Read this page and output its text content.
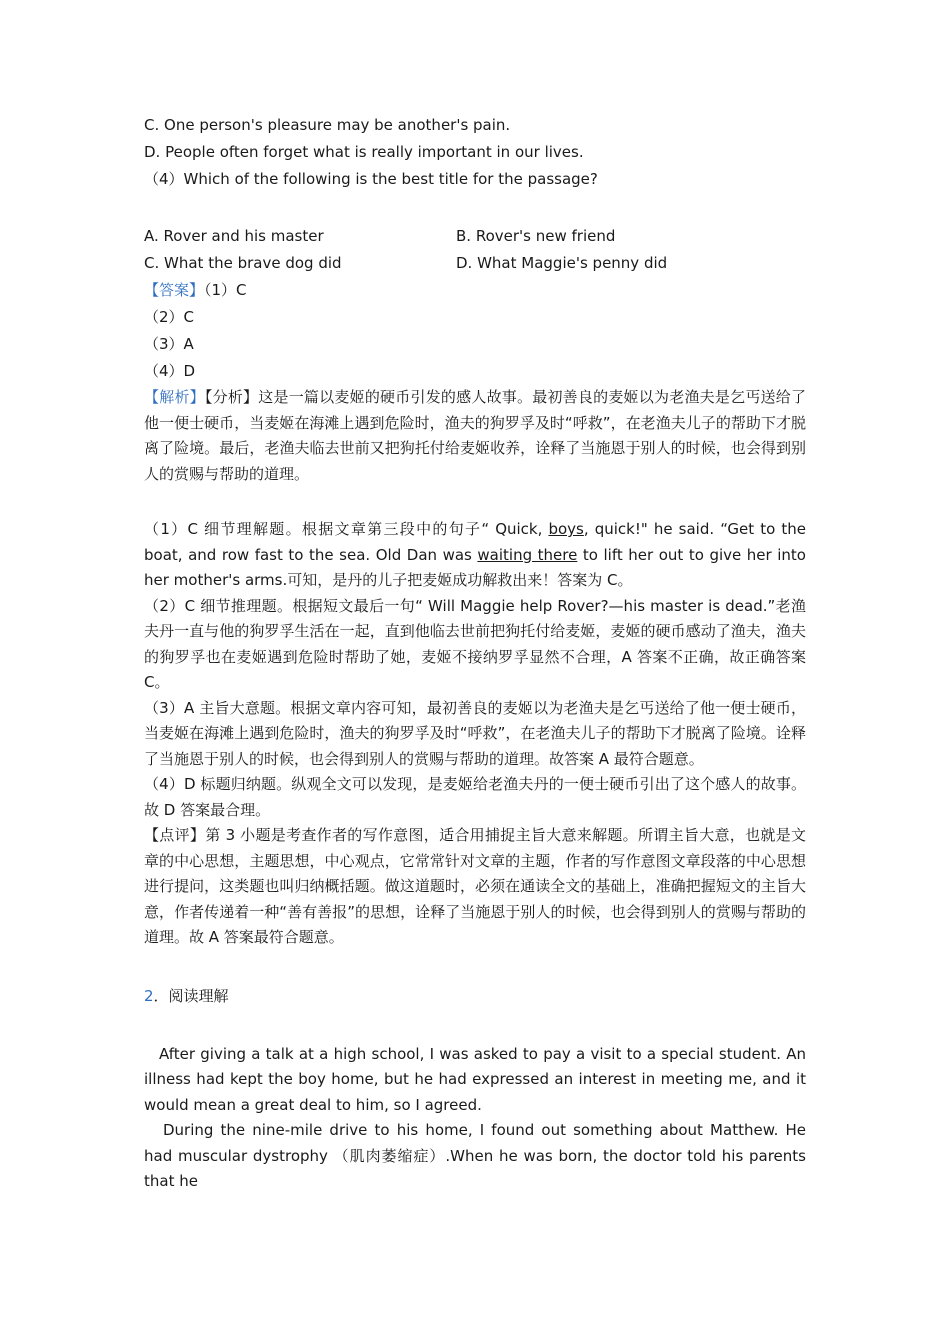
C. One person's pleasure may be another's pain.
D. People often forget what is really important in our lives.
（4）Which of the following is the best title for the passage?
A. Rover and his master	B. Rover's new friend
C. What the brave dog did	D. What Maggie's penny did
【答案】（1）C
（2）C
（3）A
（4）D
【解析】【分析】这是一篇以麦姬的硬币引发的感人故事。最初善良的麦姬以为老渔夫是乞丐送给了他一便士硬币，当麦姬在海滩上遇到危险时，渔夫的狗罗孚及时“呼救”，在老渔夫儿子的帮助下才脱离了险境。最后，老渔夫临去世前又把狗托付给麦姬收养，诠释了当施恩于别人的时候，也会得到别人的赏赐与帮助的道理。
（1）C 细节理解题。根据文章第三段中的句子“ Quick, boys, quick!" he said. “Get to the boat, and row fast to the sea. Old Dan was waiting there to lift her out to give her into her mother's arms.可知，是丹的儿子把麦姬成功解救出来！答案为 C。
（2）C 细节推理题。根据短文最后一句“ Will Maggie help Rover?—his master is dead.”老渔夫丹一直与他的狗罗孚生活在一起，直到他临去世前把狗托付给麦姬，麦姬的硬币感动了渔夫，渔夫的狗罗孚也在麦姬遇到危险时帮助了她，麦姬不接纳罗孚显然不合理，A 答案不正确，故正确答案 C。
（3）A 主旨大意题。根据文章内容可知，最初善良的麦姬以为老渔夫是乞丐送给了他一便士硬币，当麦姬在海滩上遇到危险时，渔夫的狗罗孚及时“呼救”，在老渔夫儿子的帮助下才脱离了险境。诠释了当施恩于别人的时候，也会得到别人的赏赐与帮助的道理。故答案 A 最符合题意。
（4）D 标题归纳题。纵观全文可以发现，是麦姬给老渔夫丹的一便士硬币引出了这个感人的故事。故 D 答案最合理。
【点评】第 3 小题是考查作者的写作意图，适合用捕捉主旨大意来解题。所谓主旨大意，也就是文章的中心思想，主题思想，中心观点，它常常针对文章的主题，作者的写作意图文章段落的中心思想进行提问，这类题也叫归纳概括题。做这道题时，必须在通读全文的基础上，准确把握短文的主旨大意，作者传递着一种“善有善报”的思想，诠释了当施恩于别人的时候，也会得到别人的赏赐与帮助的道理。故 A 答案最符合题意。
2．阅读理解
After giving a talk at a high school, I was asked to pay a visit to a special student. An illness had kept the boy home, but he had expressed an interest in meeting me, and it would mean a great deal to him, so I agreed.
During the nine-mile drive to his home, I found out something about Matthew. He had muscular dystrophy （肌肉萎缩症）.When he was born, the doctor told his parents that he
